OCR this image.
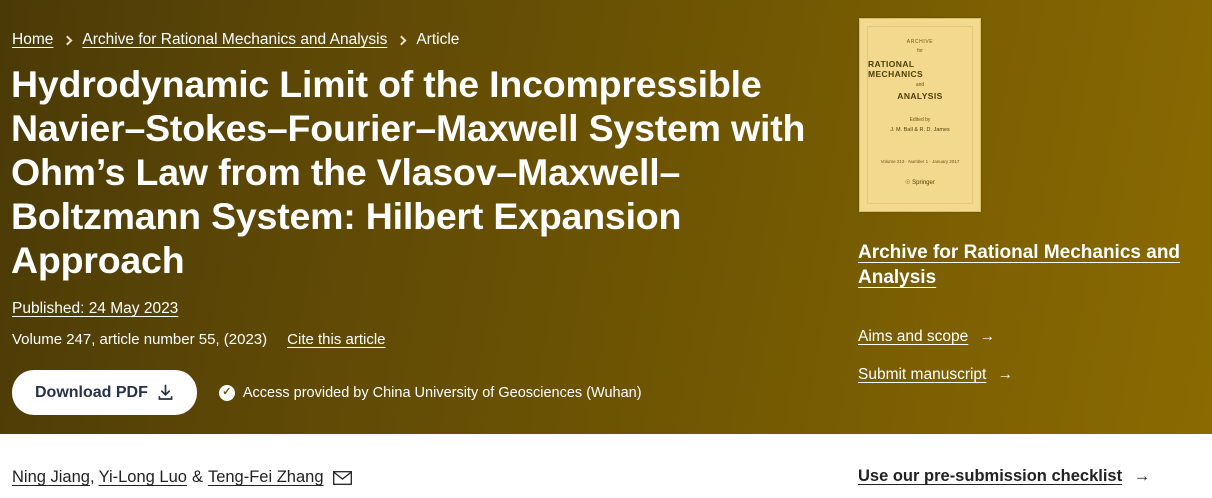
Home Archive for Rational Mechanics and Analysis Article
Hydrodynamic Limit of the Incompressible Navier–Stokes–Fourier–Maxwell System with Ohm’s Law from the Vlasov–Maxwell–Boltzmann System: Hilbert Expansion Approach
Published: 24 May 2023
Volume 247, article number 55, (2023) Cite this article
Download PDF	✓ Access provided by China University of Geosciences (Wuhan)
ARCHIVE
for
RATIONAL MECHANICS
and
ANALYSIS
Edited by
J. M. Ball & R. D. James
Volume 213 · Number 1 · January 2017
☉ Springer
Archive for Rational Mechanics and Analysis
Aims and scope →
Submit manuscript →
Ning Jiang , Yi-Long Luo & Teng-Fei Zhang	Use our pre-submission checklist →
